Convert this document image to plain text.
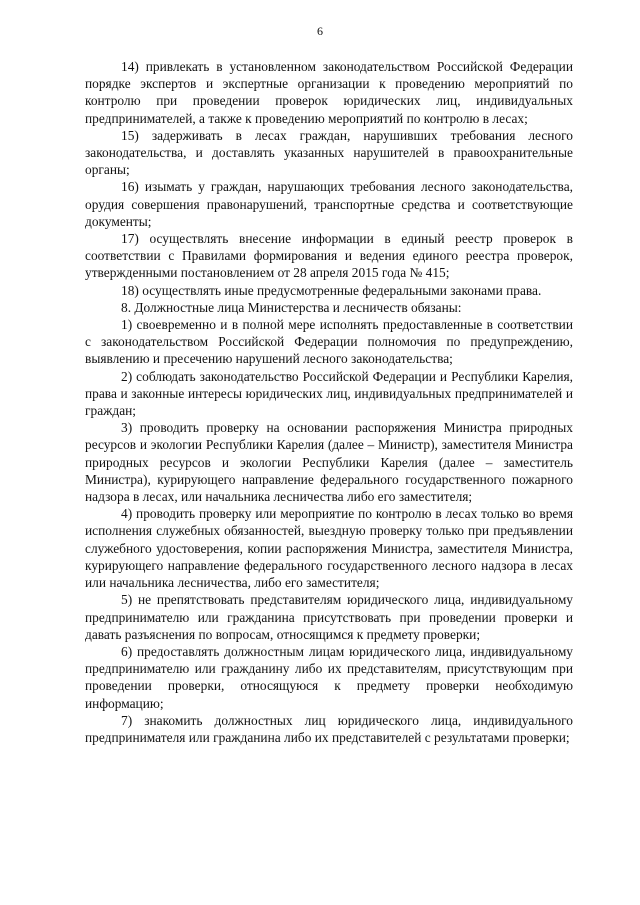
6

14) привлекать в установленном законодательством Российской Федерации порядке экспертов и экспертные организации к проведению мероприятий по контролю при проведении проверок юридических лиц, индивидуальных предпринимателей, а также к проведению мероприятий по контролю в лесах;

15) задерживать в лесах граждан, нарушивших требования лесного законодательства, и доставлять указанных нарушителей в правоохранительные органы;

16) изымать у граждан, нарушающих требования лесного законодательства, орудия совершения правонарушений, транспортные средства и соответствующие документы;

17) осуществлять внесение информации в единый реестр проверок в соответствии с Правилами формирования и ведения единого реестра проверок, утвержденными постановлением от 28 апреля 2015 года № 415;

18) осуществлять иные предусмотренные федеральными законами права.

8. Должностные лица Министерства и лесничеств обязаны:

1) своевременно и в полной мере исполнять предоставленные в соответствии с законодательством Российской Федерации полномочия по предупреждению, выявлению и пресечению нарушений лесного законодательства;

2) соблюдать законодательство Российской Федерации и Республики Карелия, права и законные интересы юридических лиц, индивидуальных предпринимателей и граждан;

3) проводить проверку на основании распоряжения Министра природных ресурсов и экологии Республики Карелия (далее – Министр), заместителя Министра природных ресурсов и экологии Республики Карелия (далее – заместитель Министра), курирующего направление федерального государственного пожарного надзора в лесах, или начальника лесничества либо его заместителя;

4) проводить проверку или мероприятие по контролю в лесах только во время исполнения служебных обязанностей, выездную проверку только при предъявлении служебного удостоверения, копии распоряжения Министра, заместителя Министра, курирующего направление федерального государственного лесного надзора в лесах или начальника лесничества, либо его заместителя;

5) не препятствовать представителям юридического лица, индивидуальному предпринимателю или гражданина присутствовать при проведении проверки и давать разъяснения по вопросам, относящимся к предмету проверки;

6) предоставлять должностным лицам юридического лица, индивидуальному предпринимателю или гражданину либо их представителям, присутствующим при проведении проверки, относящуюся к предмету проверки необходимую информацию;

7) знакомить должностных лиц юридического лица, индивидуального предпринимателя или гражданина либо их представителей с результатами проверки;
